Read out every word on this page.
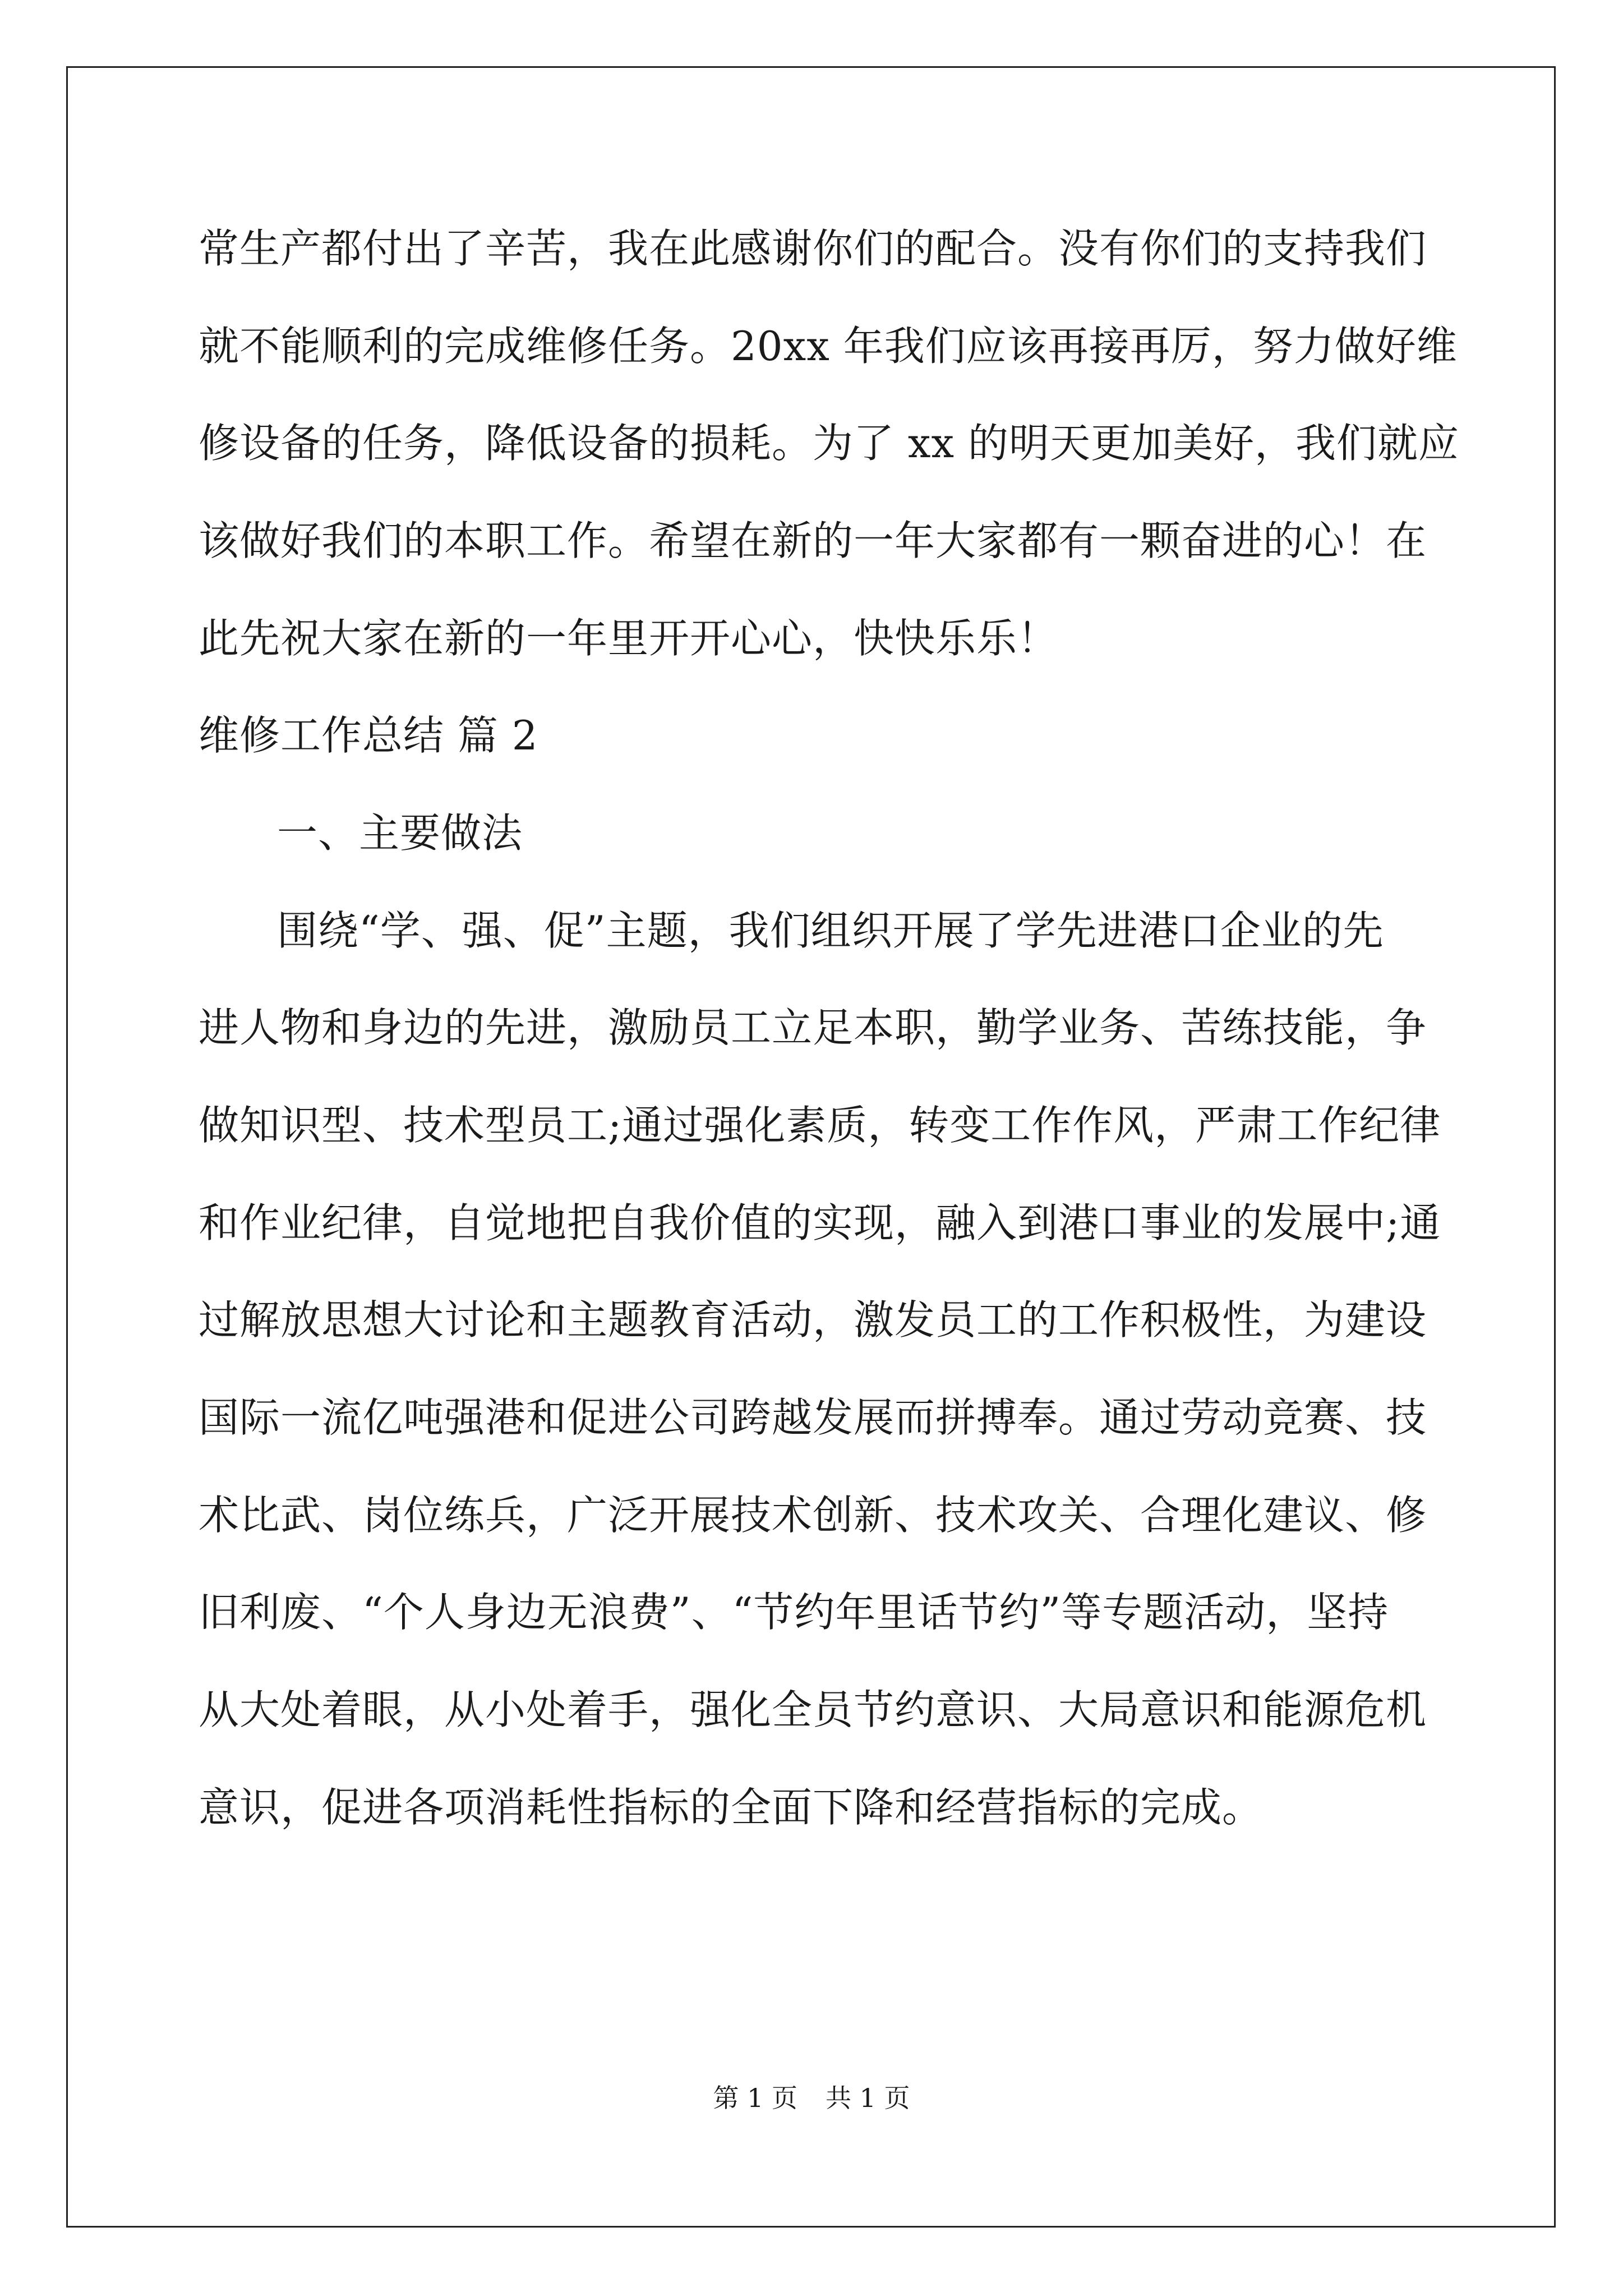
常生产都付出了辛苦，我在此感谢你们的配合。没有你们的支持我们
就不能顺利的完成维修任务。20xx 年我们应该再接再厉，努力做好维
修设备的任务，降低设备的损耗。为了 xx 的明天更加美好，我们就应
该做好我们的本职工作。希望在新的一年大家都有一颗奋进的心！在
此先祝大家在新的一年里开开心心，快快乐乐！
维修工作总结 篇 2
一、主要做法
围绕“学、强、促”主题，我们组织开展了学先进港口企业的先
进人物和身边的先进，激励员工立足本职，勤学业务、苦练技能，争
做知识型、技术型员工;通过强化素质，转变工作作风，严肃工作纪律
和作业纪律，自觉地把自我价值的实现，融入到港口事业的发展中;通
过解放思想大讨论和主题教育活动，激发员工的工作积极性，为建设
国际一流亿吨强港和促进公司跨越发展而拼搏奉。通过劳动竞赛、技
术比武、岗位练兵，广泛开展技术创新、技术攻关、合理化建议、修
旧利废、“个人身边无浪费”、“节约年里话节约”等专题活动，坚持
从大处着眼，从小处着手，强化全员节约意识、大局意识和能源危机
意识，促进各项消耗性指标的全面下降和经营指标的完成。
第 1 页 共 1 页
